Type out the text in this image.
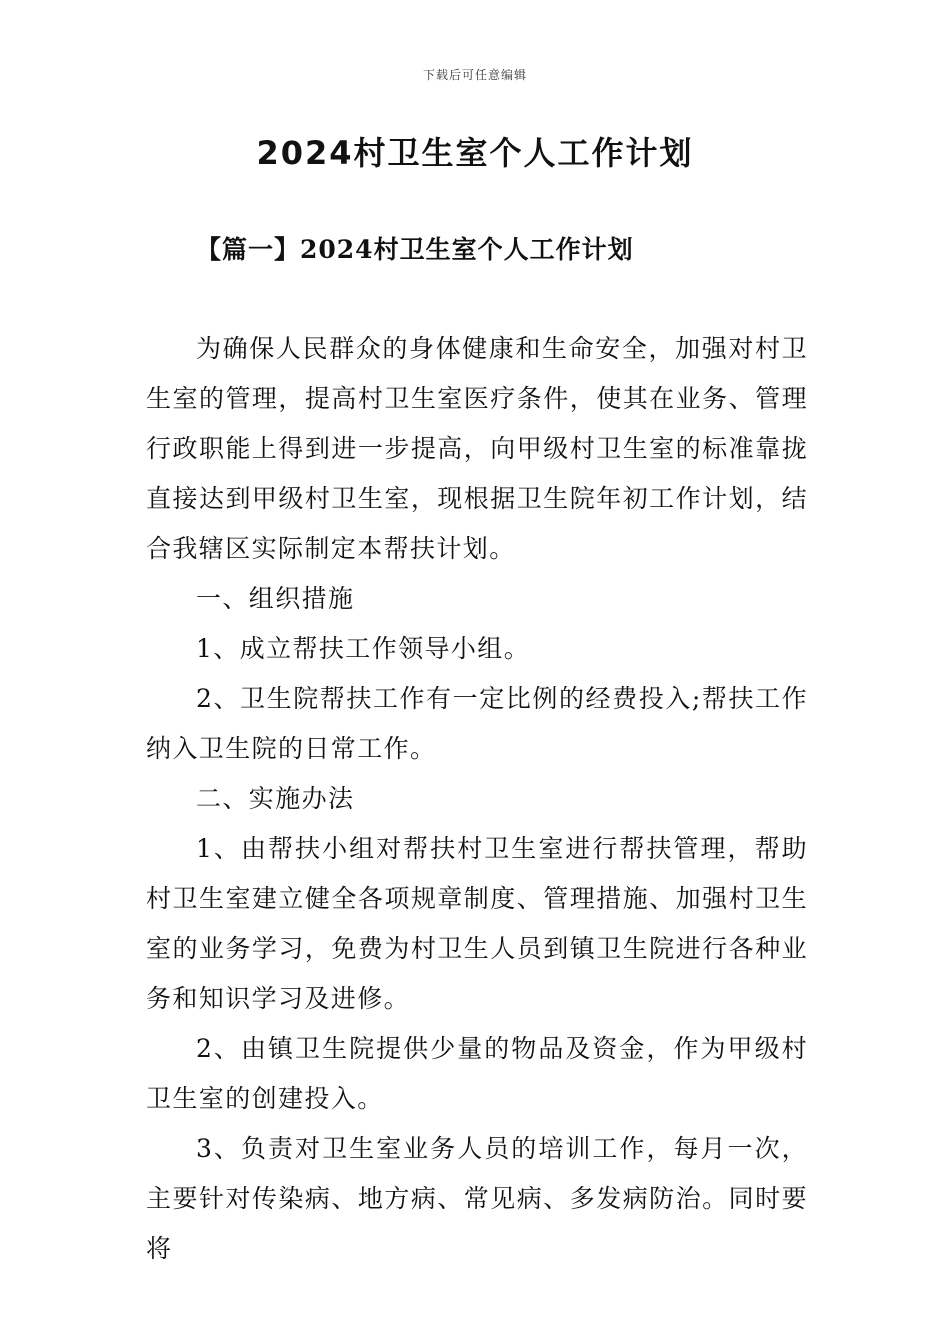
下载后可任意编辑
2024村卫生室个人工作计划
【篇一】2024村卫生室个人工作计划

为确保人民群众的身体健康和生命安全，加强对村卫生室的管理，提高村卫生室医疗条件，使其在业务、管理行政职能上得到进一步提高，向甲级村卫生室的标准靠拢直接达到甲级村卫生室，现根据卫生院年初工作计划，结合我辖区实际制定本帮扶计划。

一、组织措施

1、成立帮扶工作领导小组。

2、卫生院帮扶工作有一定比例的经费投入;帮扶工作纳入卫生院的日常工作。

二、实施办法

1、由帮扶小组对帮扶村卫生室进行帮扶管理，帮助村卫生室建立健全各项规章制度、管理措施、加强村卫生室的业务学习，免费为村卫生人员到镇卫生院进行各种业务和知识学习及进修。

2、由镇卫生院提供少量的物品及资金，作为甲级村卫生室的创建投入。

3、负责对卫生室业务人员的培训工作，每月一次，主要针对传染病、地方病、常见病、多发病防治。同时要将
